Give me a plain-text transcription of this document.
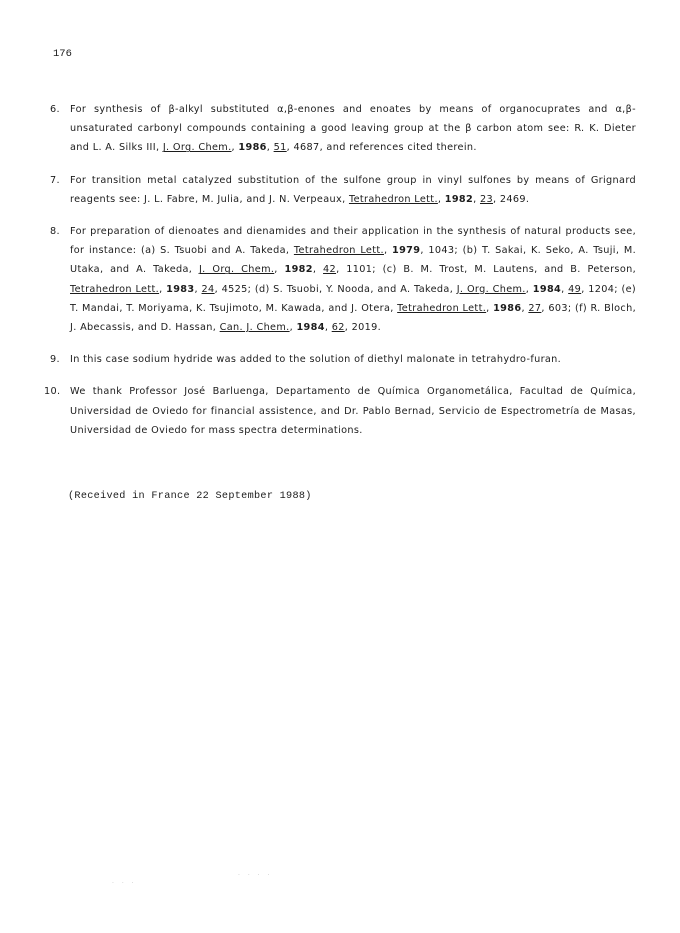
176

6. For synthesis of β-alkyl substituted α,β-enones and enoates by means of organocuprates and α,β-unsaturated carbonyl compounds containing a good leaving group at the β carbon atom see: R. K. Dieter and L. A. Silks III, J. Org. Chem., 1986, 51, 4687, and references cited therein.

7. For transition metal catalyzed substitution of the sulfone group in vinyl sulfones by means of Grignard reagents see: J. L. Fabre, M. Julia, and J. N. Verpeaux, Tetrahedron Lett., 1982, 23, 2469.

8. For preparation of dienoates and dienamides and their application in the synthesis of natural products see, for instance: (a) S. Tsuobi and A. Takeda, Tetrahedron Lett., 1979, 1043; (b) T. Sakai, K. Seko, A. Tsuji, M. Utaka, and A. Takeda, J. Org. Chem., 1982, 42, 1101; (c) B. M. Trost, M. Lautens, and B. Peterson, Tetrahedron Lett., 1983, 24, 4525; (d) S. Tsuobi, Y. Nooda, and A. Takeda, J. Org. Chem., 1984, 49, 1204; (e) T. Mandai, T. Moriyama, K. Tsujimoto, M. Kawada, and J. Otera, Tetrahedron Lett., 1986, 27, 603; (f) R. Bloch, J. Abecassis, and D. Hassan, Can. J. Chem., 1984, 62, 2019.

9. In this case sodium hydride was added to the solution of diethyl malonate in tetrahydro-furan.

10. We thank Professor José Barluenga, Departamento de Química Organometálica, Facultad de Química, Universidad de Oviedo for financial assistence, and Dr. Pablo Bernad, Servicio de Espectrometría de Masas, Universidad de Oviedo for mass spectra determinations.

(Received in France 22 September 1988)
· · · ·
· · ·
